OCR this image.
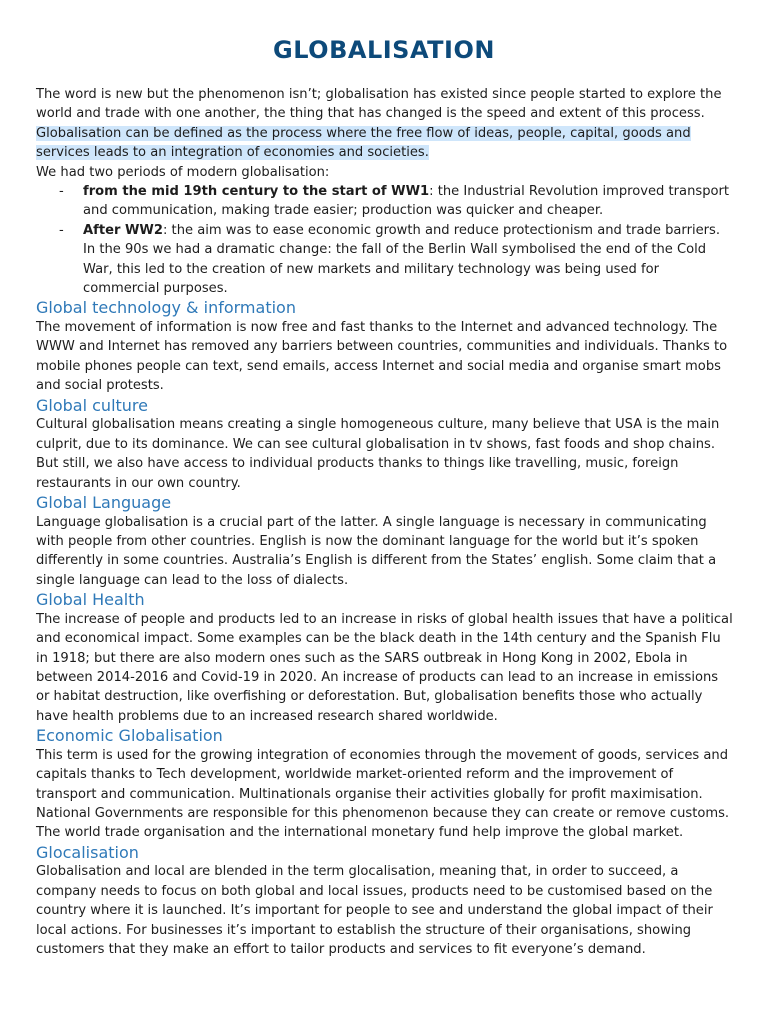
GLOBALISATION

The word is new but the phenomenon isn’t; globalisation has existed since people started to explore the world and trade with one another, the thing that has changed is the speed and extent of this process. Globalisation can be defined as the process where the free flow of ideas, people, capital, goods and services leads to an integration of economies and societies.

We had two periods of modern globalisation:

- from the mid 19th century to the start of WW1: the Industrial Revolution improved transport and communication, making trade easier; production was quicker and cheaper.
- After WW2: the aim was to ease economic growth and reduce protectionism and trade barriers. In the 90s we had a dramatic change: the fall of the Berlin Wall symbolised the end of the Cold War, this led to the creation of new markets and military technology was being used for commercial purposes.
Global technology & information

The movement of information is now free and fast thanks to the Internet and advanced technology. The WWW and Internet has removed any barriers between countries, communities and individuals. Thanks to mobile phones people can text, send emails, access Internet and social media and organise smart mobs and social protests.

Global culture

Cultural globalisation means creating a single homogeneous culture, many believe that USA is the main culprit, due to its dominance. We can see cultural globalisation in tv shows, fast foods and shop chains. But still, we also have access to individual products thanks to things like travelling, music, foreign restaurants in our own country.

Global Language

Language globalisation is a crucial part of the latter. A single language is necessary in communicating with people from other countries. English is now the dominant language for the world but it’s spoken differently in some countries. Australia’s English is different from the States’ english. Some claim that a single language can lead to the loss of dialects.

Global Health

The increase of people and products led to an increase in risks of global health issues that have a political and economical impact. Some examples can be the black death in the 14th century and the Spanish Flu in 1918; but there are also modern ones such as the SARS outbreak in Hong Kong in 2002, Ebola in between 2014-2016 and Covid-19 in 2020. An increase of products can lead to an increase in emissions or habitat destruction, like overfishing or deforestation. But, globalisation benefits those who actually have health problems due to an increased research shared worldwide.

Economic Globalisation

This term is used for the growing integration of economies through the movement of goods, services and capitals thanks to Tech development, worldwide market-oriented reform and the improvement of transport and communication. Multinationals organise their activities globally for profit maximisation. National Governments are responsible for this phenomenon because they can create or remove customs. The world trade organisation and the international monetary fund help improve the global market.

Glocalisation

Globalisation and local are blended in the term glocalisation, meaning that, in order to succeed, a company needs to focus on both global and local issues, products need to be customised based on the country where it is launched. It’s important for people to see and understand the global impact of their local actions. For businesses it’s important to establish the structure of their organisations, showing customers that they make an effort to tailor products and services to fit everyone’s demand.
